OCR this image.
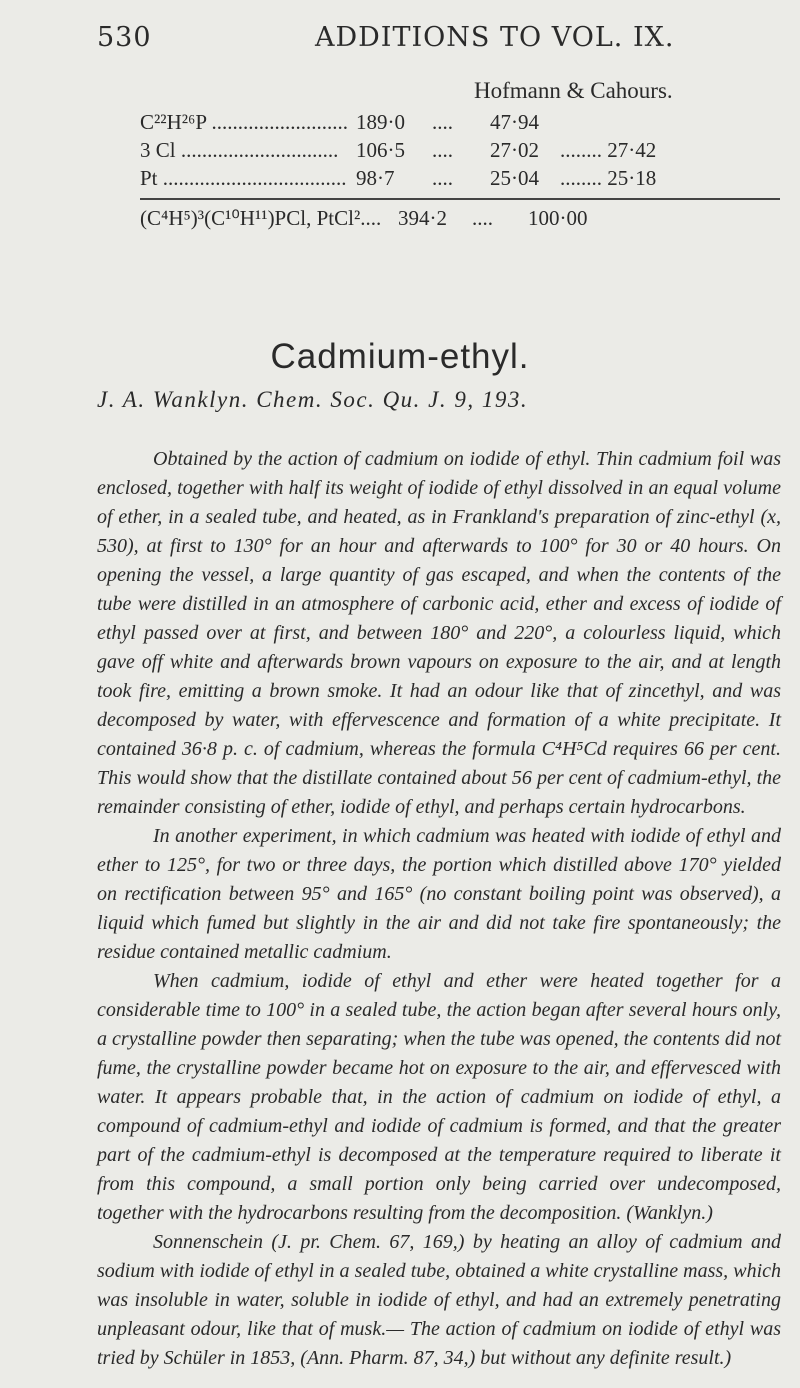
530	ADDITIONS TO VOL. IX.
Hofmann & Cahours.
C²²H²⁶P .......................... 189·0 .... 47·94
3 Cl .............................. 106·5 .... 27·02 ........ 27·42
Pt ................................... 98·7 .... 25·04 ........ 25·18
(C⁴H⁵)³(C¹⁰H¹¹)PCl, PtCl².... 394·2 .... 100·00
Cadmium-ethyl.
J. A. Wanklyn. Chem. Soc. Qu. J. 9, 193.

Obtained by the action of cadmium on iodide of ethyl. Thin cadmium foil was enclosed, together with half its weight of iodide of ethyl dissolved in an equal volume of ether, in a sealed tube, and heated, as in Frankland's preparation of zinc-ethyl (x, 530), at first to 130° for an hour and afterwards to 100° for 30 or 40 hours. On opening the vessel, a large quantity of gas escaped, and when the contents of the tube were distilled in an atmosphere of carbonic acid, ether and excess of iodide of ethyl passed over at first, and between 180° and 220°, a colourless liquid, which gave off white and afterwards brown vapours on exposure to the air, and at length took fire, emitting a brown smoke. It had an odour like that of zincethyl, and was decomposed by water, with effervescence and formation of a white precipitate. It contained 36·8 p. c. of cadmium, whereas the formula C⁴H⁵Cd requires 66 per cent. This would show that the distillate contained about 56 per cent of cadmium-ethyl, the remainder consisting of ether, iodide of ethyl, and perhaps certain hydrocarbons.

In another experiment, in which cadmium was heated with iodide of ethyl and ether to 125°, for two or three days, the portion which distilled above 170° yielded on rectification between 95° and 165° (no constant boiling point was observed), a liquid which fumed but slightly in the air and did not take fire spontaneously; the residue contained metallic cadmium.

When cadmium, iodide of ethyl and ether were heated together for a considerable time to 100° in a sealed tube, the action began after several hours only, a crystalline powder then separating; when the tube was opened, the contents did not fume, the crystalline powder became hot on exposure to the air, and effervesced with water. It appears probable that, in the action of cadmium on iodide of ethyl, a compound of cadmium-ethyl and iodide of cadmium is formed, and that the greater part of the cadmium-ethyl is decomposed at the temperature required to liberate it from this compound, a small portion only being carried over undecomposed, together with the hydrocarbons resulting from the decomposition. (Wanklyn.)

Sonnenschein (J. pr. Chem. 67, 169,) by heating an alloy of cadmium and sodium with iodide of ethyl in a sealed tube, obtained a white crystalline mass, which was insoluble in water, soluble in iodide of ethyl, and had an extremely penetrating unpleasant odour, like that of musk.— The action of cadmium on iodide of ethyl was tried by Schüler in 1853, (Ann. Pharm. 87, 34,) but without any definite result.)
